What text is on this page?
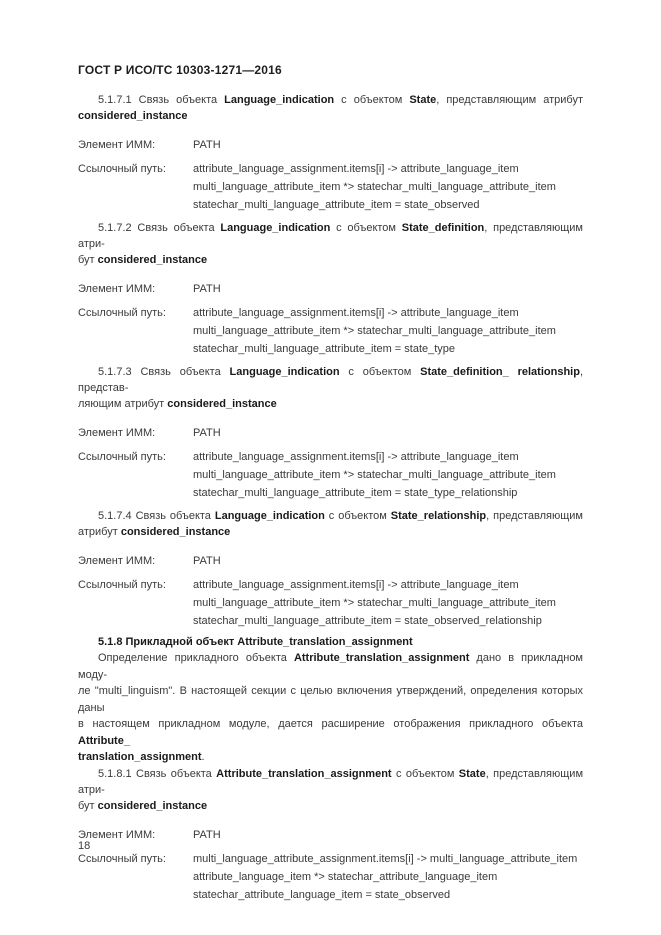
ГОСТ Р ИСО/ТС 10303-1271—2016
5.1.7.1 Связь объекта Language_indication с объектом State, представляющим атрибут
considered_instance
Элемент ИММ:	PATH
Ссылочный путь:	attribute_language_assignment.items[i] -> attribute_language_item
multi_language_attribute_item *> statechar_multi_language_attribute_item
statechar_multi_language_attribute_item = state_observed
5.1.7.2 Связь объекта Language_indication с объектом State_definition, представляющим атри-
бут considered_instance
Элемент ИММ:	PATH
Ссылочный путь:	attribute_language_assignment.items[i] -> attribute_language_item
multi_language_attribute_item *> statechar_multi_language_attribute_item
statechar_multi_language_attribute_item = state_type
5.1.7.3 Связь объекта Language_indication с объектом State_definition_ relationship, представ-
ляющим атрибут considered_instance
Элемент ИММ:	PATH
Ссылочный путь:	attribute_language_assignment.items[i] -> attribute_language_item
multi_language_attribute_item *> statechar_multi_language_attribute_item
statechar_multi_language_attribute_item = state_type_relationship
5.1.7.4 Связь объекта Language_indication с объектом State_relationship, представляющим
атрибут considered_instance
Элемент ИММ:	PATH
Ссылочный путь:	attribute_language_assignment.items[i] -> attribute_language_item
multi_language_attribute_item *> statechar_multi_language_attribute_item
statechar_multi_language_attribute_item = state_observed_relationship
5.1.8 Прикладной объект Attribute_translation_assignment
Определение прикладного объекта Attribute_translation_assignment дано в прикладном моду-
ле "multi_linguism". В настоящей секции с целью включения утверждений, определения которых даны
в настоящем прикладном модуле, дается расширение отображения прикладного объекта Attribute_
translation_assignment.
5.1.8.1 Связь объекта Attribute_translation_assignment с объектом State, представляющим атри-
бут considered_instance
Элемент ИММ:	PATH
Ссылочный путь:	multi_language_attribute_assignment.items[i] -> multi_language_attribute_item
attribute_language_item *> statechar_attribute_language_item
statechar_attribute_language_item = state_observed
18
